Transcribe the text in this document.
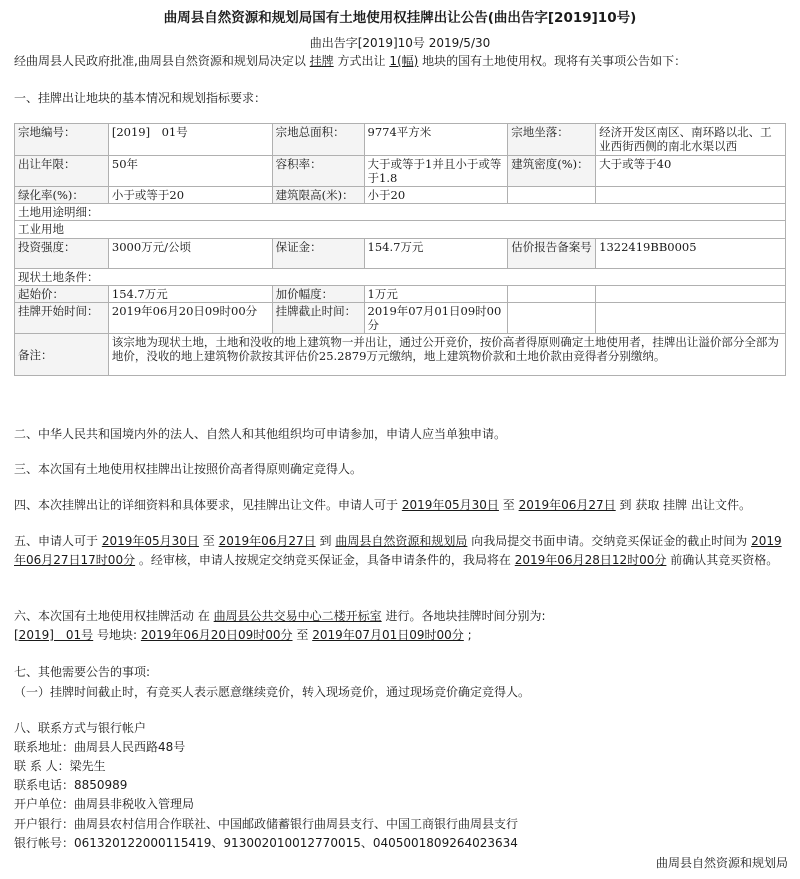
曲周县自然资源和规划局国有土地使用权挂牌出让公告(曲出告字[2019]10号)
曲出告字[2019]10号 2019/5/30
经曲周县人民政府批准,曲周县自然资源和规划局决定以 挂牌 方式出让 1(幅) 地块的国有土地使用权。现将有关事项公告如下：
一、挂牌出让地块的基本情况和规划指标要求：
宗地编号：	[2019]　01号	宗地总面积：	9774平方米	宗地坐落：	经济开发区南区、南环路以北、工业西街西侧的南北水渠以西
出让年限：	50年	容积率：	大于或等于1并且小于或等于1.8	建筑密度(%)：	大于或等于40
绿化率(%)：	小于或等于20	建筑限高(米)：	小于20		

土地用途明细：
工业用地					

投资强度：	3000万元/公顷	保证金：	154.7万元	估价报告备案号	1322419BB0005
现状土地条件：					
起始价：	154.7万元	加价幅度：	1万元		
挂牌开始时间：	2019年06月20日09时00分	挂牌截止时间：	2019年07月01日09时00分		
备注：	该宗地为现状土地，土地和没收的地上建筑物一并出让，通过公开竞价，按价高者得原则确定土地使用者，挂牌出让溢价部分全部为地价，没收的地上建筑物价款按其评估价25.2879万元缴纳，地上建筑物价款和土地价款由竞得者分别缴纳。				
二、中华人民共和国境内外的法人、自然人和其他组织均可申请参加，申请人应当单独申请。
三、本次国有土地使用权挂牌出让按照价高者得原则确定竞得人。
四、本次挂牌出让的详细资料和具体要求，见挂牌出让文件。申请人可于 2019年05月30日 至 2019年06月27日 到 获取 挂牌 出让文件。
五、申请人可于 2019年05月30日 至 2019年06月27日 到 曲周县自然资源和规划局 向我局提交书面申请。交纳竞买保证金的截止时间为 2019年06月27日17时00分 。经审核，申请人按规定交纳竞买保证金，具备申请条件的，我局将在 2019年06月28日12时00分 前确认其竞买资格。
六、本次国有土地使用权挂牌活动 在 曲周县公共交易中心二楼开标室 进行。各地块挂牌时间分别为:
[2019]　01号 号地块: 2019年06月20日09时00分 至 2019年07月01日09时00分 ;
七、其他需要公告的事项:
（一）挂牌时间截止时，有竞买人表示愿意继续竞价，转入现场竞价，通过现场竞价确定竞得人。
八、联系方式与银行帐户
联系地址：曲周县人民西路48号
联 系 人：梁先生
联系电话：8850989
开户单位：曲周县非税收入管理局
开户银行：曲周县农村信用合作联社、中国邮政储蓄银行曲周县支行、中国工商银行曲周县支行
银行帐号：06132012200011541​9、913002010012770015、0405001809264023634
曲周县自然资源和规划局
